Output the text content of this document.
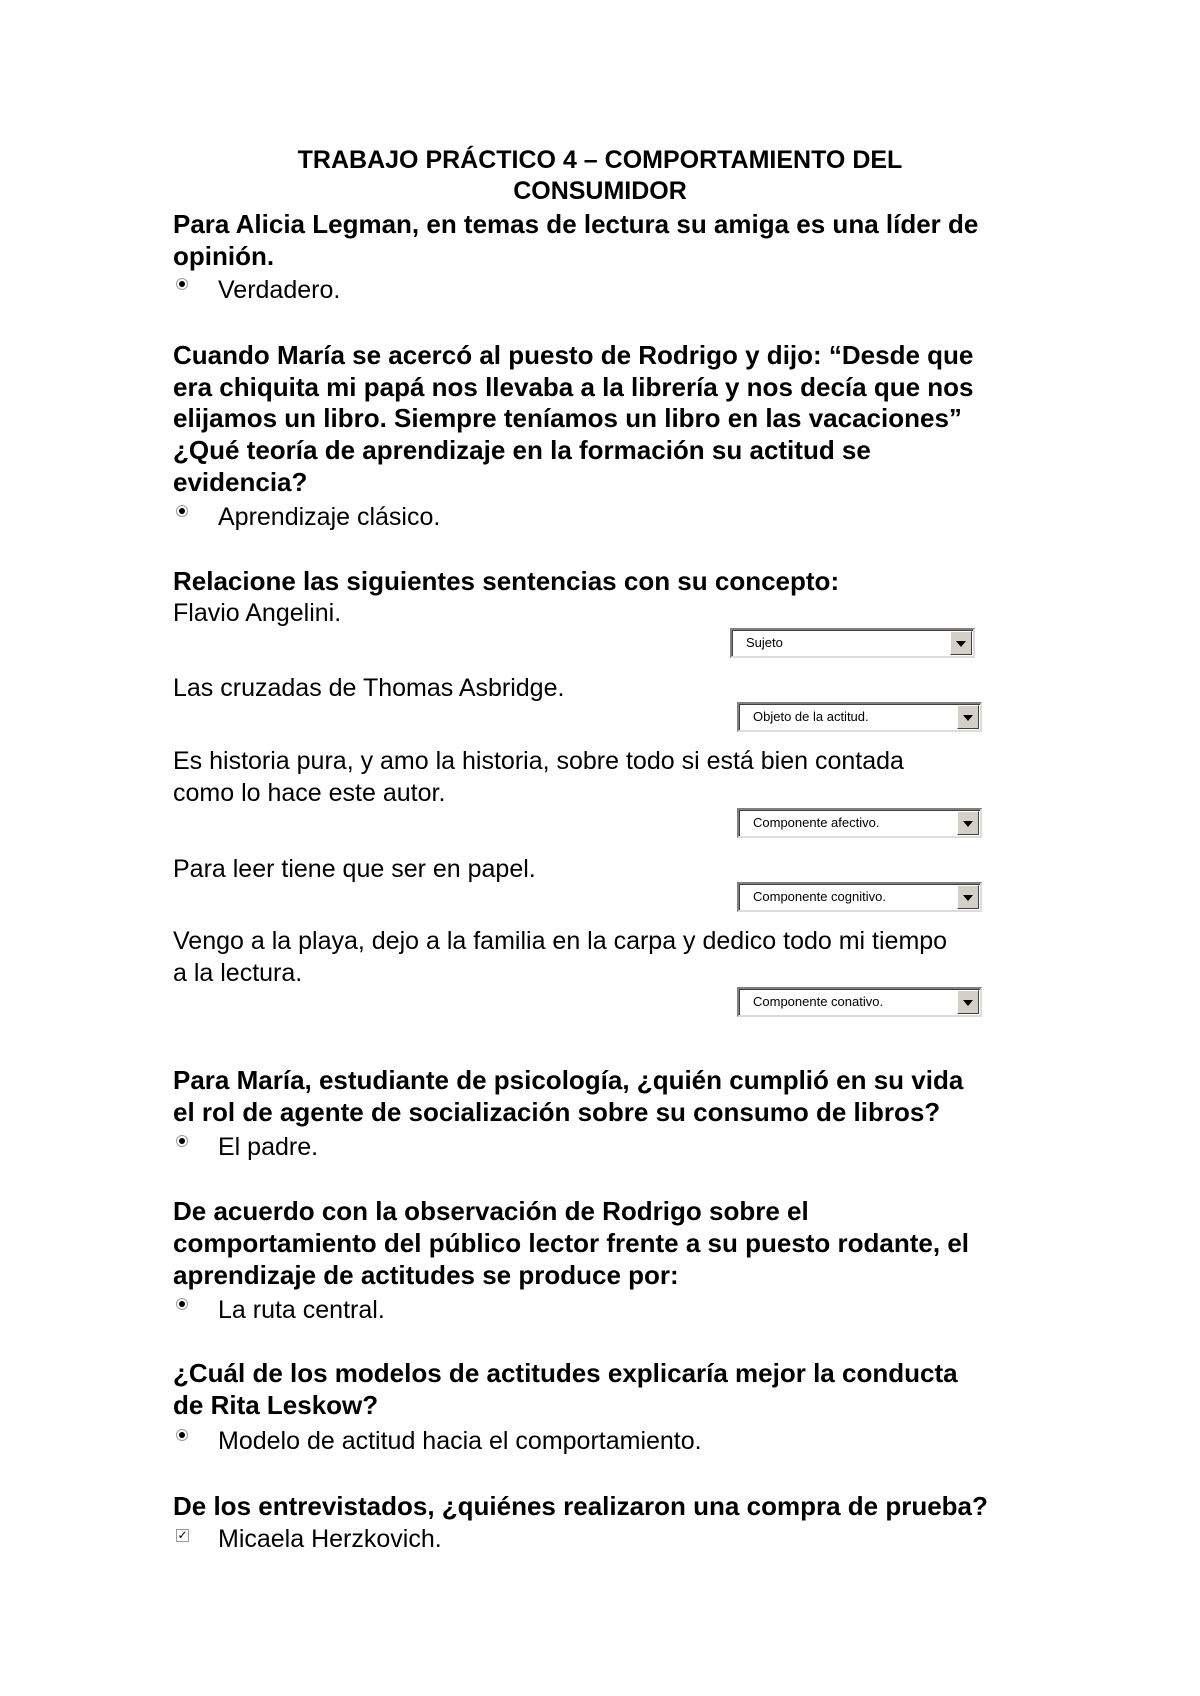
TRABAJO PRÁCTICO 4 – COMPORTAMIENTO DEL
CONSUMIDOR
Para Alicia Legman, en temas de lectura su amiga es una líder de
opinión.
Verdadero.
Cuando María se acercó al puesto de Rodrigo y dijo: “Desde que
era chiquita mi papá nos llevaba a la librería y nos decía que nos
elijamos un libro. Siempre teníamos un libro en las vacaciones”
¿Qué teoría de aprendizaje en la formación su actitud se
evidencia?
Aprendizaje clásico.
Relacione las siguientes sentencias con su concepto:
Flavio Angelini.
Sujeto
Las cruzadas de Thomas Asbridge.
Objeto de la actitud.
Es historia pura, y amo la historia, sobre todo si está bien contada
como lo hace este autor.
Componente afectivo.
Para leer tiene que ser en papel.
Componente cognitivo.
Vengo a la playa, dejo a la familia en la carpa y dedico todo mi tiempo
a la lectura.
Componente conativo.
Para María, estudiante de psicología, ¿quién cumplió en su vida
el rol de agente de socialización sobre su consumo de libros?
El padre.
De acuerdo con la observación de Rodrigo sobre el
comportamiento del público lector frente a su puesto rodante, el
aprendizaje de actitudes se produce por:
La ruta central.
¿Cuál de los modelos de actitudes explicaría mejor la conducta
de Rita Leskow?
Modelo de actitud hacia el comportamiento.
De los entrevistados, ¿quiénes realizaron una compra de prueba?
✓ Micaela Herzkovich.
